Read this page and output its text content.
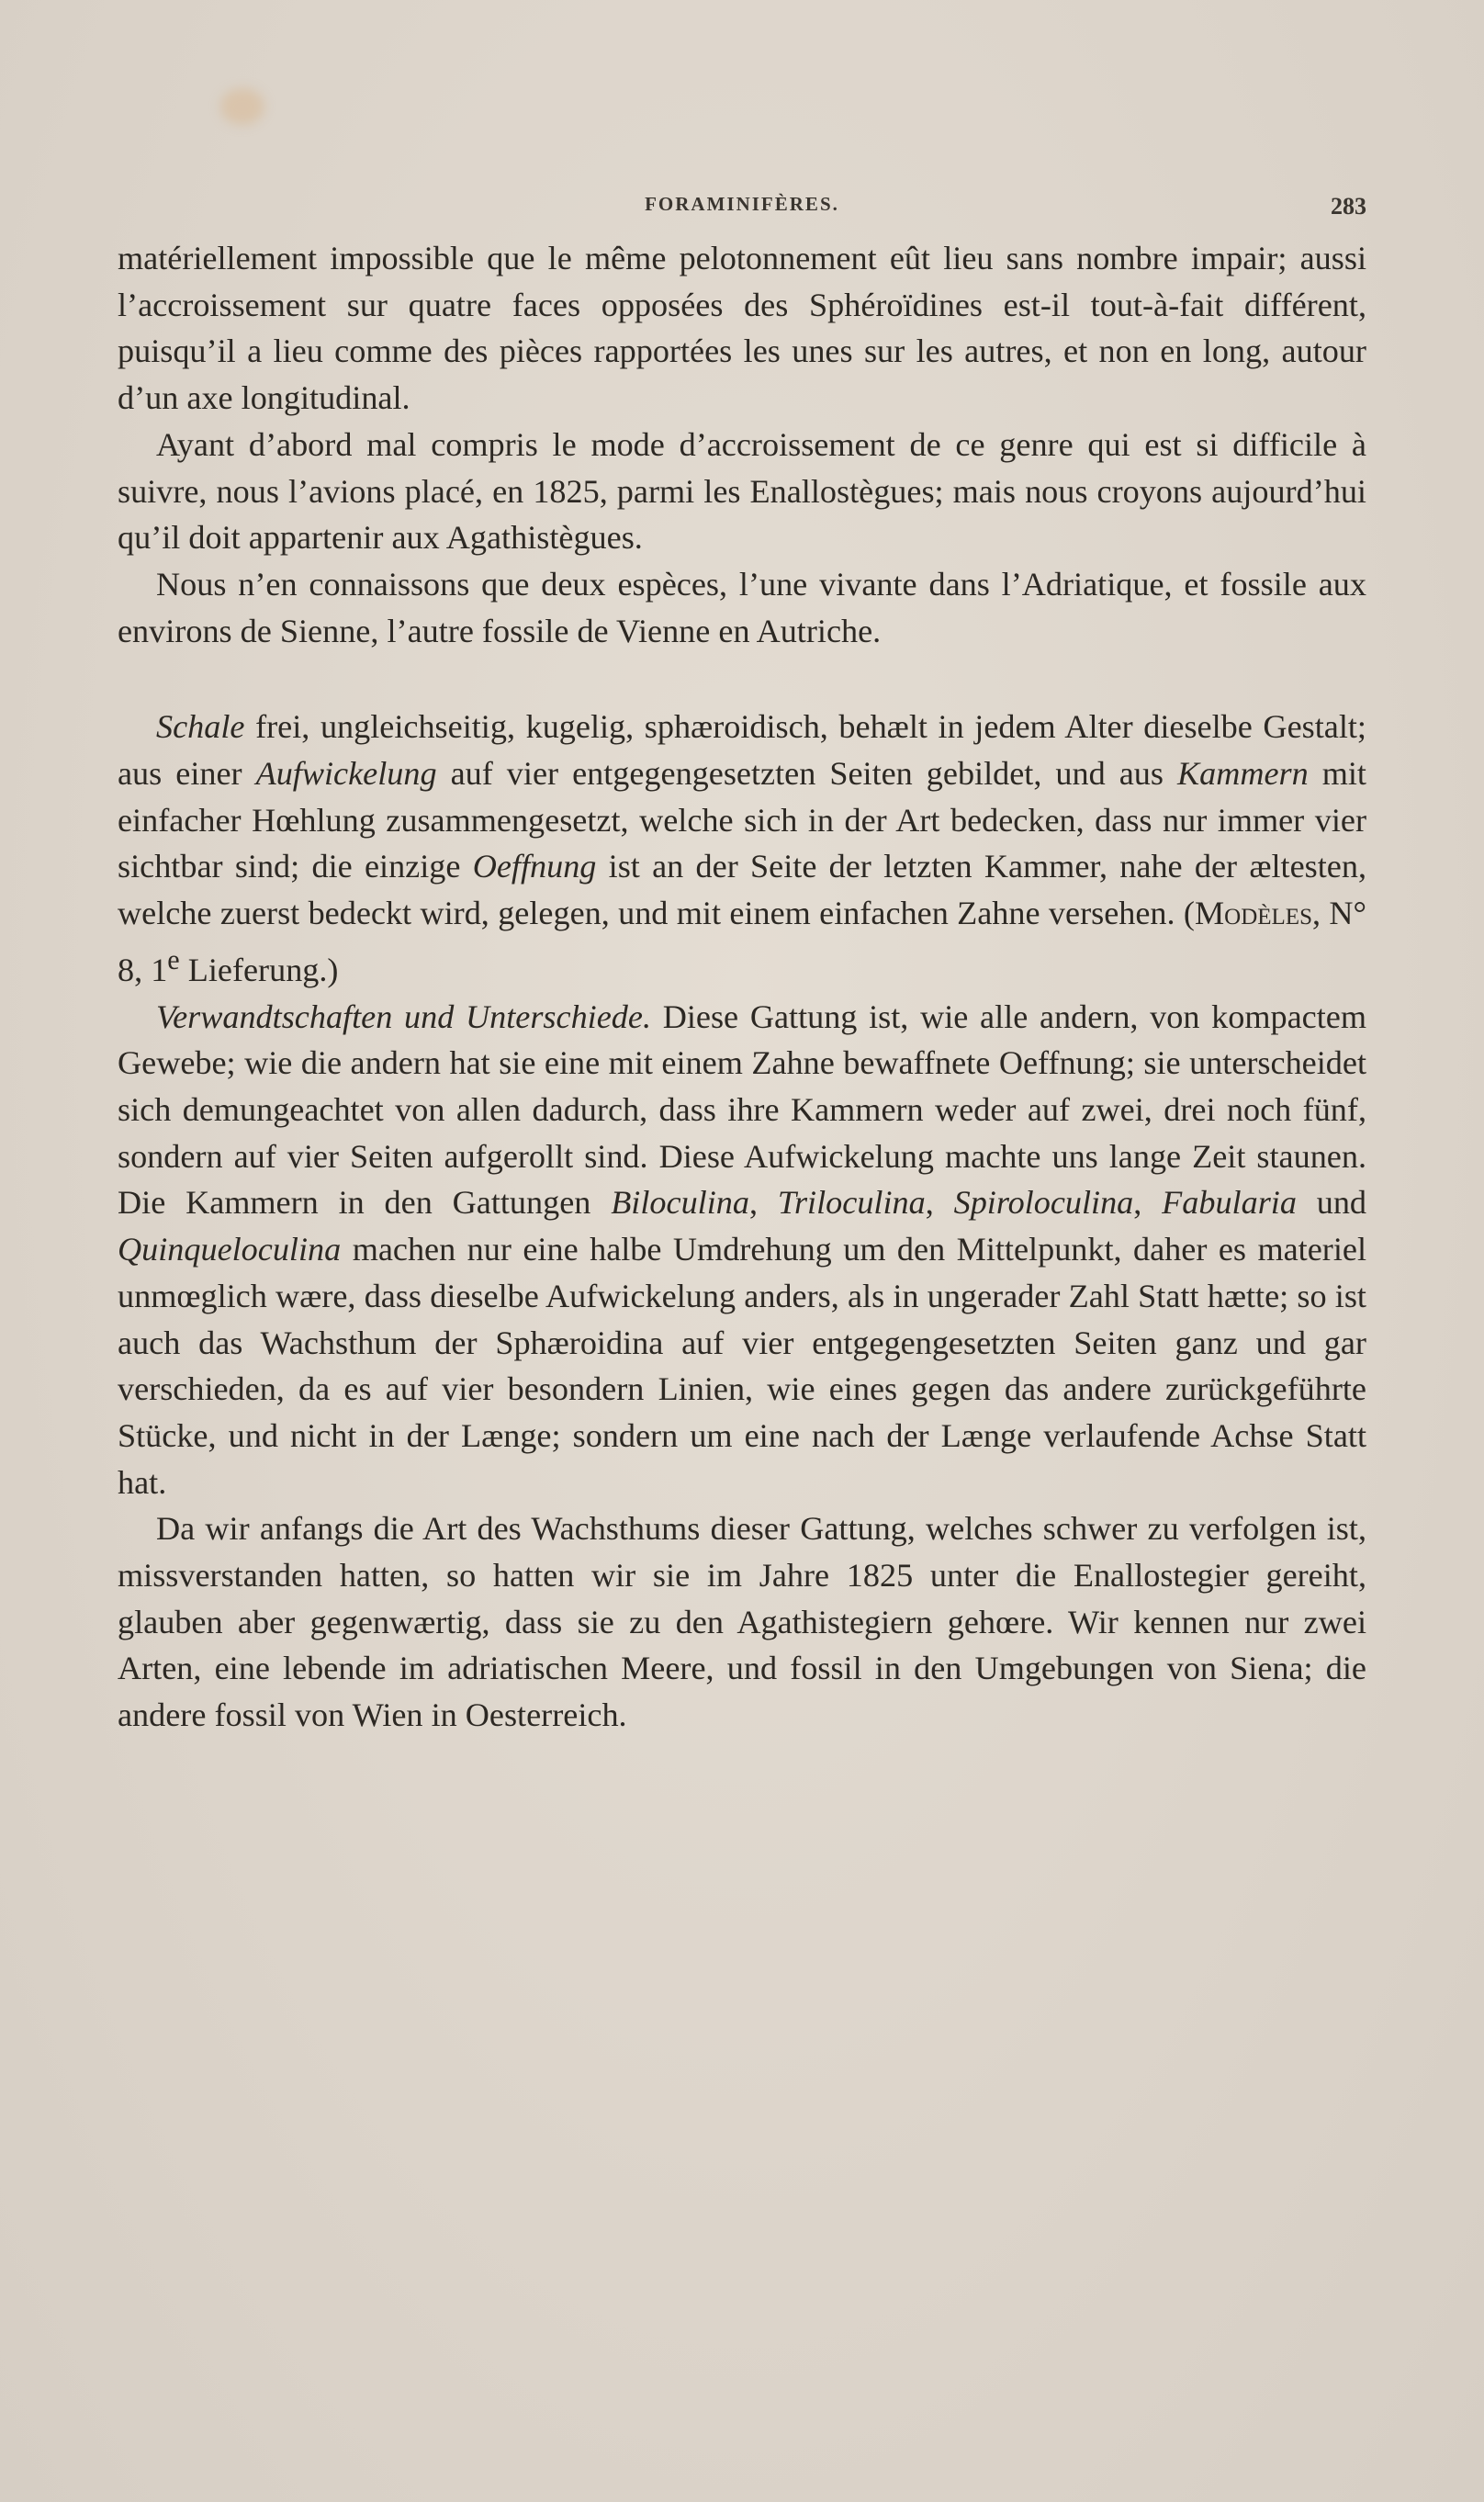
FORAMINIFÈRES.	283

matériellement impossible que le même pelotonnement eût lieu sans nombre impair; aussi l’accroissement sur quatre faces opposées des Sphéroïdines est-il tout-à-fait différent, puisqu’il a lieu comme des pièces rapportées les unes sur les autres, et non en long, autour d’un axe longitudinal.

Ayant d’abord mal compris le mode d’accroissement de ce genre qui est si difficile à suivre, nous l’avions placé, en 1825, parmi les Enallostègues; mais nous croyons aujourd’hui qu’il doit appartenir aux Agathistègues.

Nous n’en connaissons que deux espèces, l’une vivante dans l’Adriatique, et fossile aux environs de Sienne, l’autre fossile de Vienne en Autriche.

Schale frei, ungleichseitig, kugelig, sphæroidisch, behælt in jedem Alter dieselbe Gestalt; aus einer Aufwickelung auf vier entgegengesetzten Seiten gebildet, und aus Kammern mit einfacher Hœhlung zusammengesetzt, welche sich in der Art bedecken, dass nur immer vier sichtbar sind; die einzige Oeffnung ist an der Seite der letzten Kammer, nahe der æltesten, welche zuerst bedeckt wird, gelegen, und mit einem einfachen Zahne versehen. (Modèles, N° 8, 1e Lieferung.)

Verwandtschaften und Unterschiede. Diese Gattung ist, wie alle andern, von kompactem Gewebe; wie die andern hat sie eine mit einem Zahne bewaffnete Oeffnung; sie unterscheidet sich demungeachtet von allen dadurch, dass ihre Kammern weder auf zwei, drei noch fünf, sondern auf vier Seiten aufgerollt sind. Diese Aufwickelung machte uns lange Zeit staunen. Die Kammern in den Gattungen Biloculina, Triloculina, Spiroloculina, Fabularia und Quinqueloculina machen nur eine halbe Umdrehung um den Mittelpunkt, daher es materiel unmœglich wære, dass dieselbe Aufwickelung anders, als in ungerader Zahl Statt hætte; so ist auch das Wachsthum der Sphæroidina auf vier entgegengesetzten Seiten ganz und gar verschieden, da es auf vier besondern Linien, wie eines gegen das andere zurückgeführte Stücke, und nicht in der Længe; sondern um eine nach der Længe verlaufende Achse Statt hat.

Da wir anfangs die Art des Wachsthums dieser Gattung, welches schwer zu verfolgen ist, missverstanden hatten, so hatten wir sie im Jahre 1825 unter die Enallostegier gereiht, glauben aber gegenwærtig, dass sie zu den Agathistegiern gehœre. Wir kennen nur zwei Arten, eine lebende im adriatischen Meere, und fossil in den Umgebungen von Siena; die andere fossil von Wien in Oesterreich.
